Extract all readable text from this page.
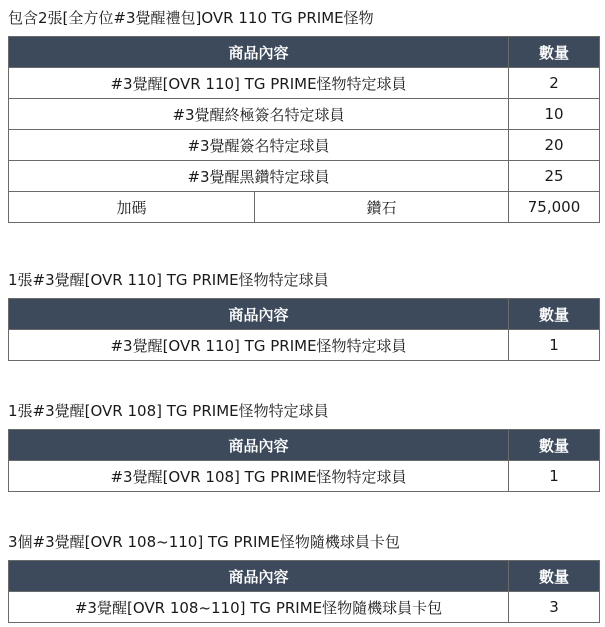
包含2張[全方位#3覺醒禮包]OVR 110 TG PRIME怪物
商品內容		數量
#3覺醒[OVR 110] TG PRIME怪物特定球員		2
#3覺醒終極簽名特定球員		10
#3覺醒簽名特定球員		20
#3覺醒黑鑽特定球員		25
加碼	鑽石	75,000
1張#3覺醒[OVR 110] TG PRIME怪物特定球員
商品內容	數量
#3覺醒[OVR 110] TG PRIME怪物特定球員	1
1張#3覺醒[OVR 108] TG PRIME怪物特定球員
商品內容	數量
#3覺醒[OVR 108] TG PRIME怪物特定球員	1
3個#3覺醒[OVR 108~110] TG PRIME怪物隨機球員卡包
商品內容	數量
#3覺醒[OVR 108~110] TG PRIME怪物隨機球員卡包	3
